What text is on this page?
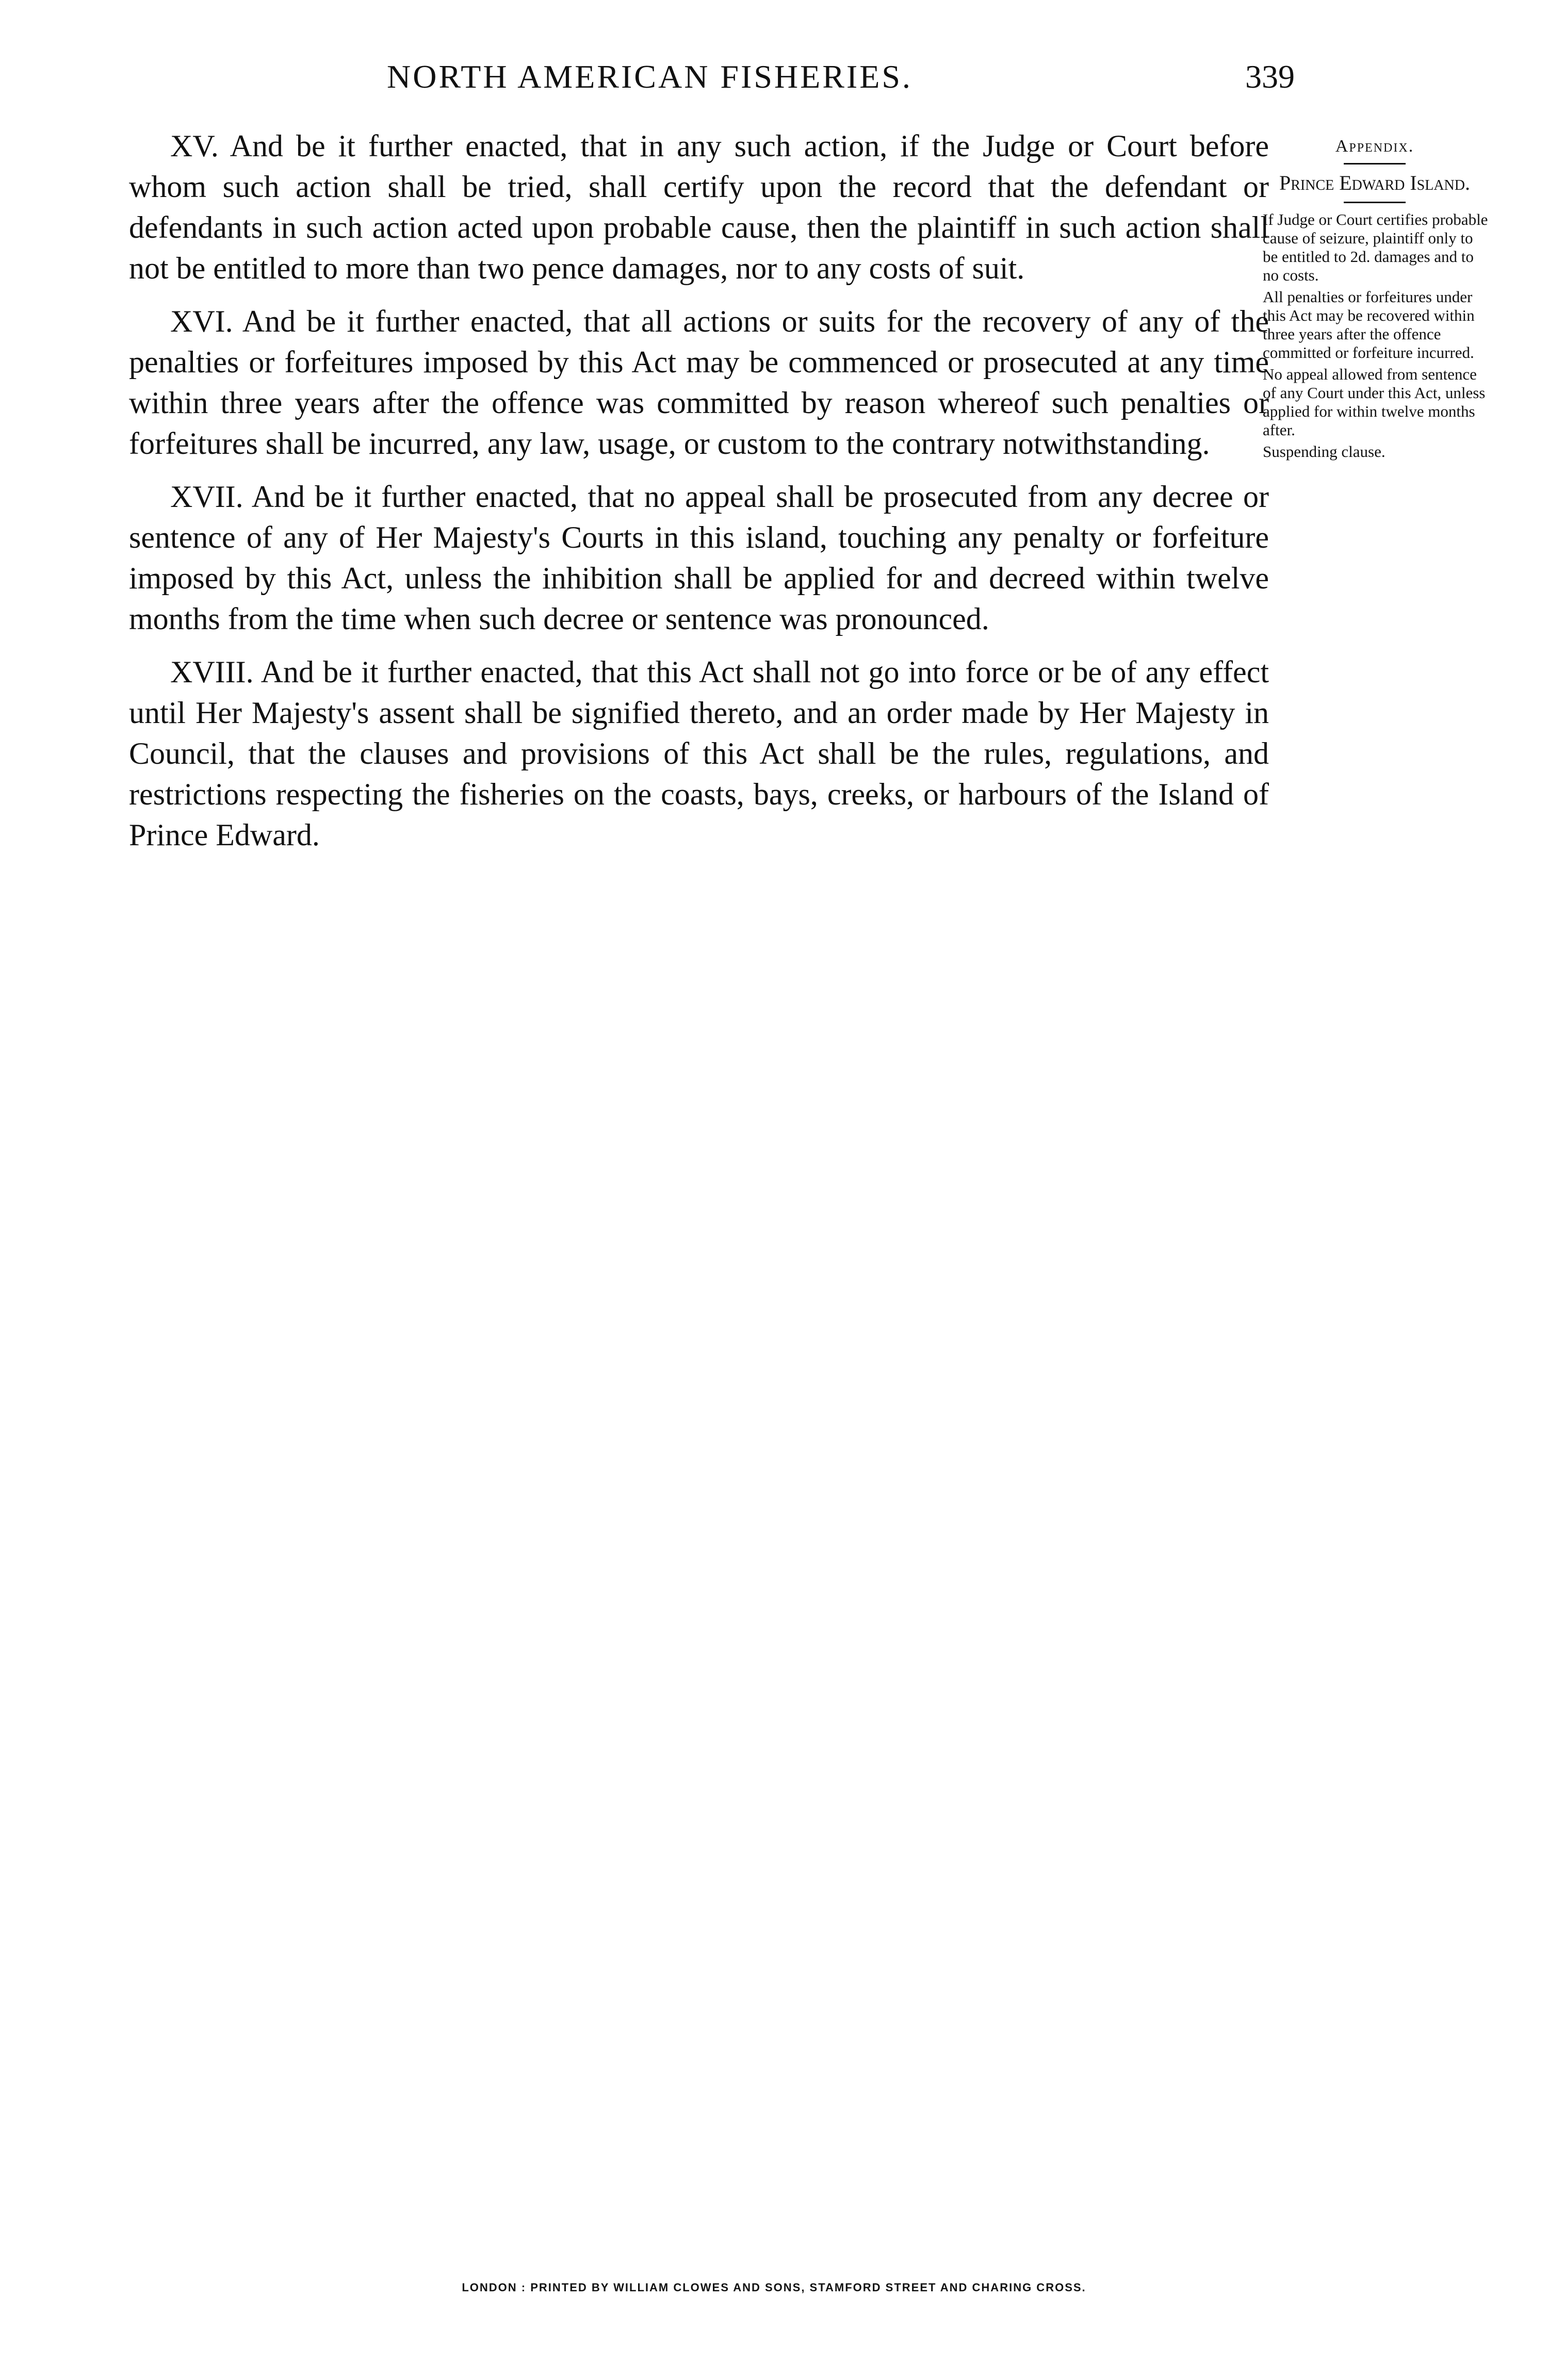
NORTH AMERICAN FISHERIES.	339

XV. And be it further enacted, that in any such action, if the Judge or Court before whom such action shall be tried, shall certify upon the record that the defendant or defendants in such action acted upon probable cause, then the plaintiff in such action shall not be entitled to more than two pence damages, nor to any costs of suit.

XVI. And be it further enacted, that all actions or suits for the recovery of any of the penalties or forfeitures imposed by this Act may be commenced or prosecuted at any time within three years after the offence was committed by reason whereof such penalties or forfeitures shall be incurred, any law, usage, or custom to the contrary notwithstanding.

XVII. And be it further enacted, that no appeal shall be prosecuted from any decree or sentence of any of Her Majesty's Courts in this island, touching any penalty or forfeiture imposed by this Act, unless the inhibition shall be applied for and decreed within twelve months from the time when such decree or sentence was pronounced.

XVIII. And be it further enacted, that this Act shall not go into force or be of any effect until Her Majesty's assent shall be signified thereto, and an order made by Her Majesty in Council, that the clauses and provisions of this Act shall be the rules, regulations, and restrictions respecting the fisheries on the coasts, bays, creeks, or harbours of the Island of Prince Edward.

Appendix.
Prince Edward Island.
If Judge or Court certifies probable cause of seizure, plaintiff only to be entitled to 2d. damages and to no costs.
All penalties or forfeitures under this Act may be recovered within three years after the offence committed or forfeiture incurred.
No appeal allowed from sentence of any Court under this Act, unless applied for within twelve months after.
Suspending clause.
LONDON : PRINTED BY WILLIAM CLOWES AND SONS, STAMFORD STREET AND CHARING CROSS.
